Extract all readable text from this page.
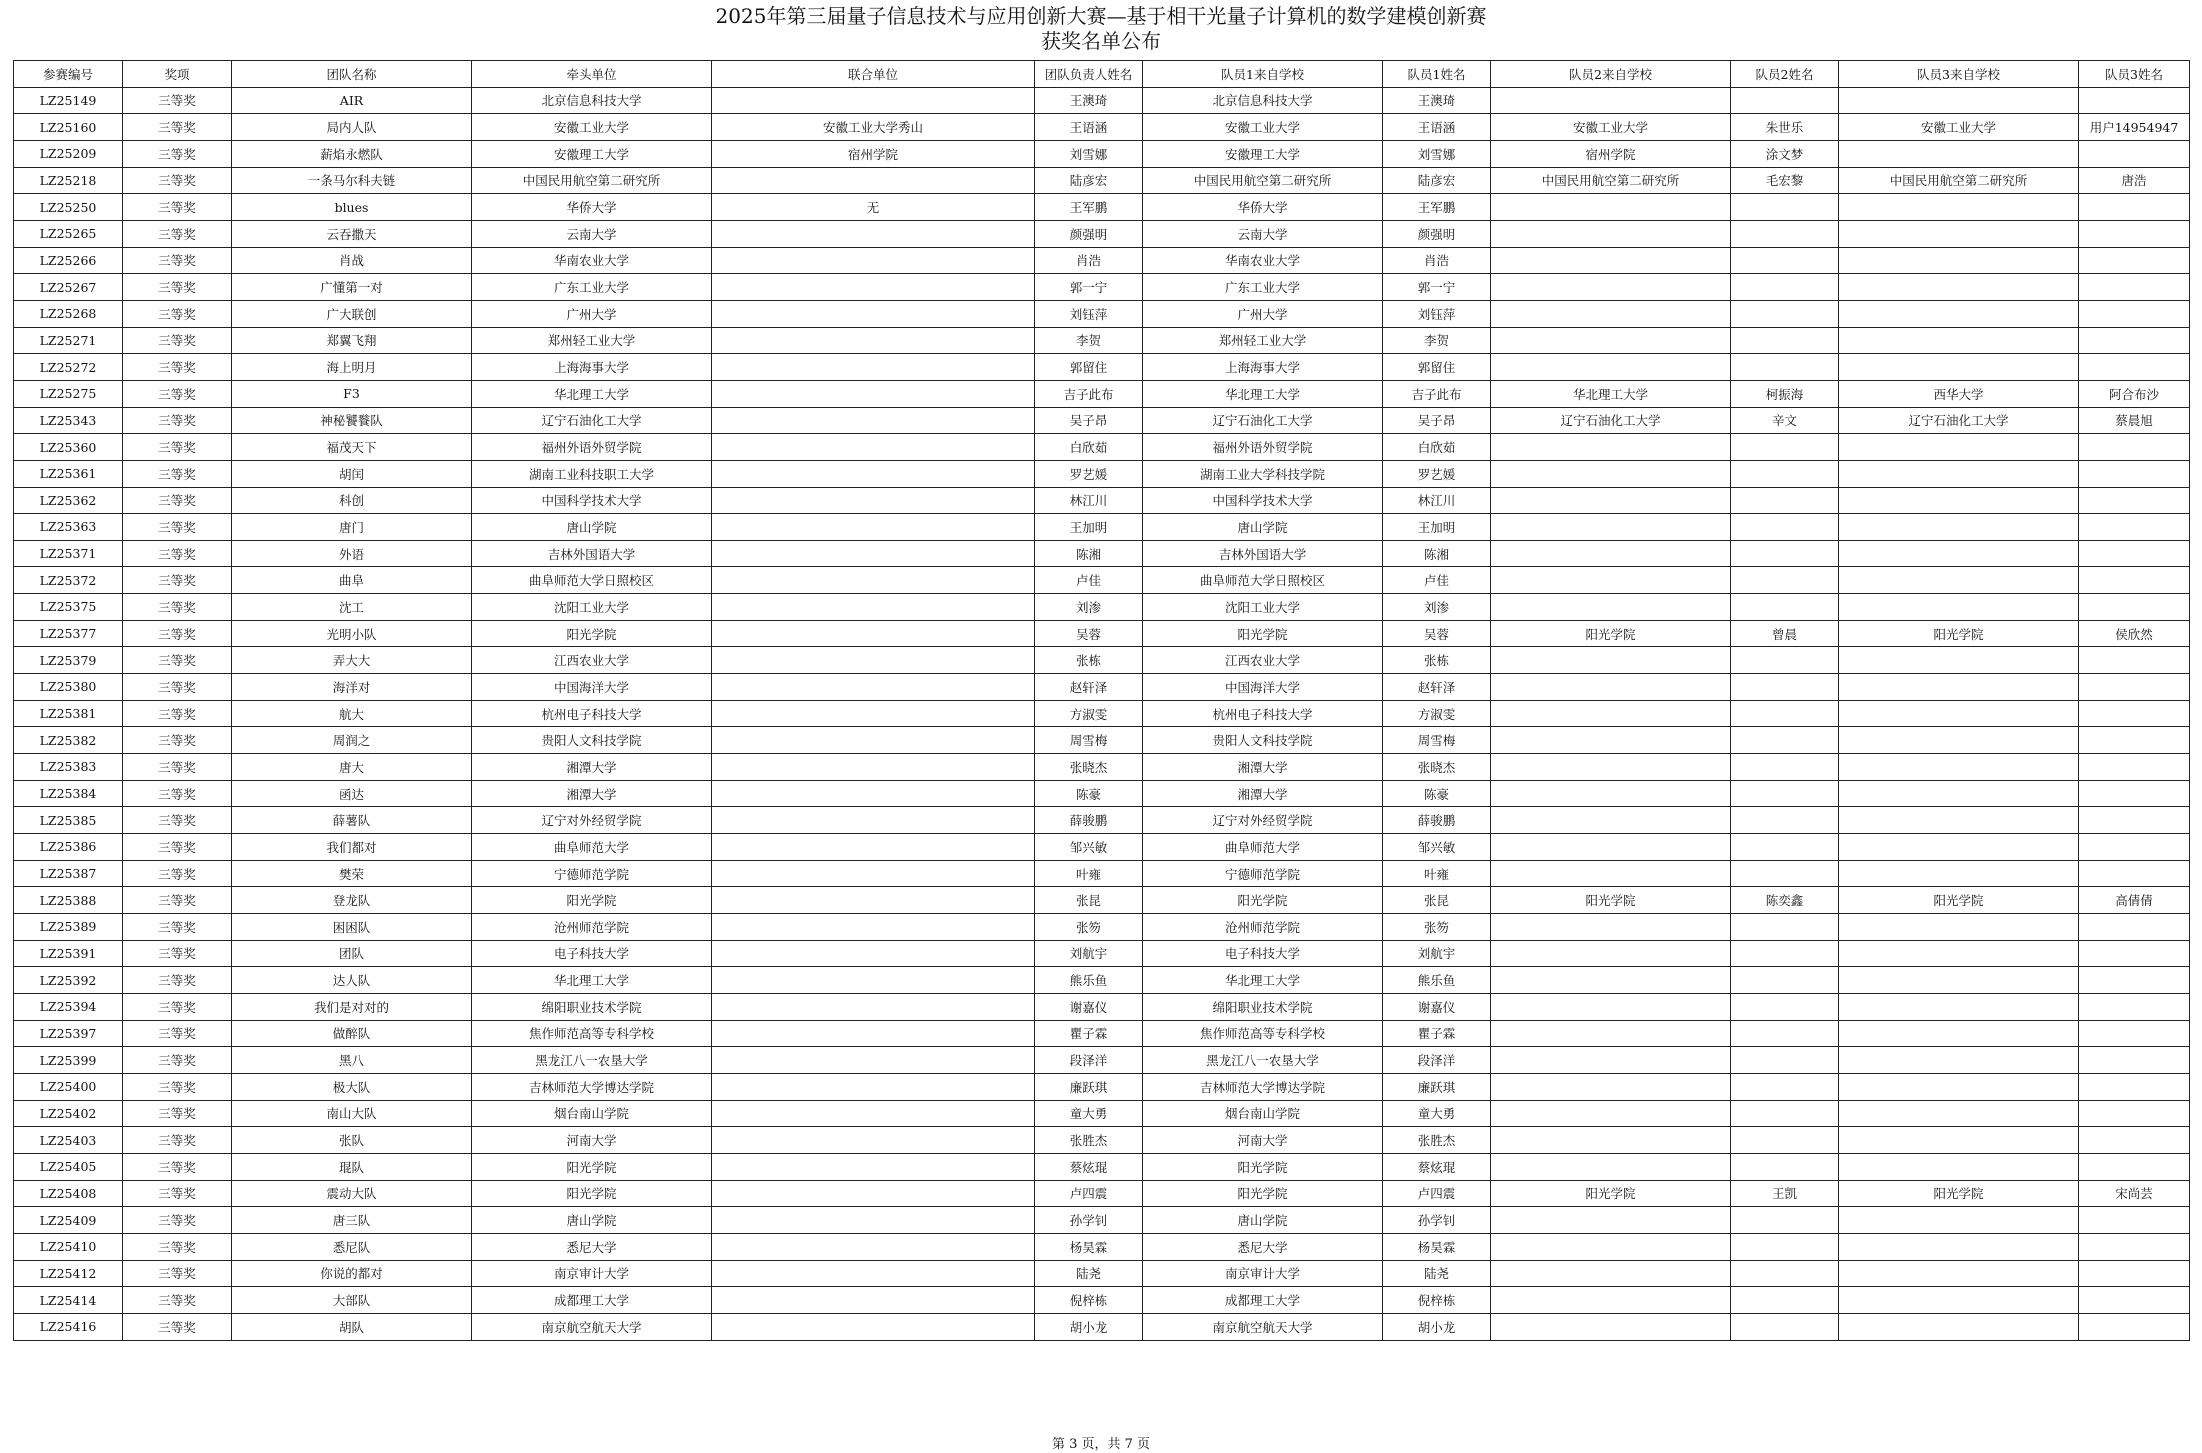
2025年第三届量子信息技术与应用创新大赛—基于相干光量子计算机的数学建模创新赛
获奖名单公布
参赛编号	奖项	团队名称	牵头单位	联合单位	团队负责人姓名	队员1来自学校	队员1姓名	队员2来自学校	队员2姓名	队员3来自学校	队员3姓名
LZ25149	三等奖	AIR	北京信息科技大学		王澳琦	北京信息科技大学	王澳琦				
LZ25160	三等奖	局内人队	安徽工业大学	安徽工业大学秀山	王语涵	安徽工业大学	王语涵	安徽工业大学	朱世乐	安徽工业大学	用户14954947
LZ25209	三等奖	薪焰永燃队	安徽理工大学	宿州学院	刘雪娜	安徽理工大学	刘雪娜	宿州学院	涂文梦		
LZ25218	三等奖	一条马尔科夫链	中国民用航空第二研究所		陆彦宏	中国民用航空第二研究所	陆彦宏	中国民用航空第二研究所	毛宏黎	中国民用航空第二研究所	唐浩
LZ25250	三等奖	blues	华侨大学	无	王军鹏	华侨大学	王军鹏				
LZ25265	三等奖	云吞撒天	云南大学		颜强明	云南大学	颜强明				
LZ25266	三等奖	肖战	华南农业大学		肖浩	华南农业大学	肖浩				
LZ25267	三等奖	广懂第一对	广东工业大学		郭一宁	广东工业大学	郭一宁				
LZ25268	三等奖	广大联创	广州大学		刘钰萍	广州大学	刘钰萍				
LZ25271	三等奖	郑翼飞翔	郑州轻工业大学		李贺	郑州轻工业大学	李贺				
LZ25272	三等奖	海上明月	上海海事大学		郭留住	上海海事大学	郭留住				
LZ25275	三等奖	F3	华北理工大学		吉子此布	华北理工大学	吉子此布	华北理工大学	柯振海	西华大学	阿合布沙
LZ25343	三等奖	神秘饕餮队	辽宁石油化工大学		吴子昂	辽宁石油化工大学	吴子昂	辽宁石油化工大学	辛文	辽宁石油化工大学	蔡晨旭
LZ25360	三等奖	福茂天下	福州外语外贸学院		白欣茹	福州外语外贸学院	白欣茹				
LZ25361	三等奖	胡闰	湖南工业科技职工大学		罗艺媛	湖南工业大学科技学院	罗艺媛				
LZ25362	三等奖	科创	中国科学技术大学		林江川	中国科学技术大学	林江川				
LZ25363	三等奖	唐门	唐山学院		王加明	唐山学院	王加明				
LZ25371	三等奖	外语	吉林外国语大学		陈湘	吉林外国语大学	陈湘				
LZ25372	三等奖	曲阜	曲阜师范大学日照校区		卢佳	曲阜师范大学日照校区	卢佳				
LZ25375	三等奖	沈工	沈阳工业大学		刘渗	沈阳工业大学	刘渗				
LZ25377	三等奖	光明小队	阳光学院		吴蓉	阳光学院	吴蓉	阳光学院	曾晨	阳光学院	侯欣然
LZ25379	三等奖	弄大大	江西农业大学		张栋	江西农业大学	张栋				
LZ25380	三等奖	海洋对	中国海洋大学		赵轩泽	中国海洋大学	赵轩泽				
LZ25381	三等奖	航大	杭州电子科技大学		方淑雯	杭州电子科技大学	方淑雯				
LZ25382	三等奖	周润之	贵阳人文科技学院		周雪梅	贵阳人文科技学院	周雪梅				
LZ25383	三等奖	唐大	湘潭大学		张晓杰	湘潭大学	张晓杰				
LZ25384	三等奖	函达	湘潭大学		陈豪	湘潭大学	陈豪				
LZ25385	三等奖	薛薯队	辽宁对外经贸学院		薛骏鹏	辽宁对外经贸学院	薛骏鹏				
LZ25386	三等奖	我们都对	曲阜师范大学		邹兴敏	曲阜师范大学	邹兴敏				
LZ25387	三等奖	樊荣	宁德师范学院		叶雍	宁德师范学院	叶雍				
LZ25388	三等奖	登龙队	阳光学院		张昆	阳光学院	张昆	阳光学院	陈奕鑫	阳光学院	高倩倩
LZ25389	三等奖	困困队	沧州师范学院		张笏	沧州师范学院	张笏				
LZ25391	三等奖	团队	电子科技大学		刘航宇	电子科技大学	刘航宇				
LZ25392	三等奖	达人队	华北理工大学		熊乐鱼	华北理工大学	熊乐鱼				
LZ25394	三等奖	我们是对对的	绵阳职业技术学院		谢嘉仪	绵阳职业技术学院	谢嘉仪				
LZ25397	三等奖	做醉队	焦作师范高等专科学校		瞿子霖	焦作师范高等专科学校	瞿子霖				
LZ25399	三等奖	黑八	黑龙江八一农垦大学		段泽洋	黑龙江八一农垦大学	段泽洋				
LZ25400	三等奖	极大队	吉林师范大学博达学院		廉跃琪	吉林师范大学博达学院	廉跃琪				
LZ25402	三等奖	南山大队	烟台南山学院		童大勇	烟台南山学院	童大勇				
LZ25403	三等奖	张队	河南大学		张胜杰	河南大学	张胜杰				
LZ25405	三等奖	琨队	阳光学院		蔡炫琨	阳光学院	蔡炫琨				
LZ25408	三等奖	震动大队	阳光学院		卢四震	阳光学院	卢四震	阳光学院	王凯	阳光学院	宋尚芸
LZ25409	三等奖	唐三队	唐山学院		孙学钊	唐山学院	孙学钊				
LZ25410	三等奖	悉尼队	悉尼大学		杨昊霖	悉尼大学	杨昊霖				
LZ25412	三等奖	你说的都对	南京审计大学		陆尧	南京审计大学	陆尧				
LZ25414	三等奖	大部队	成都理工大学		倪梓栋	成都理工大学	倪梓栋				
LZ25416	三等奖	胡队	南京航空航天大学		胡小龙	南京航空航天大学	胡小龙				
第 3 页，共 7 页
